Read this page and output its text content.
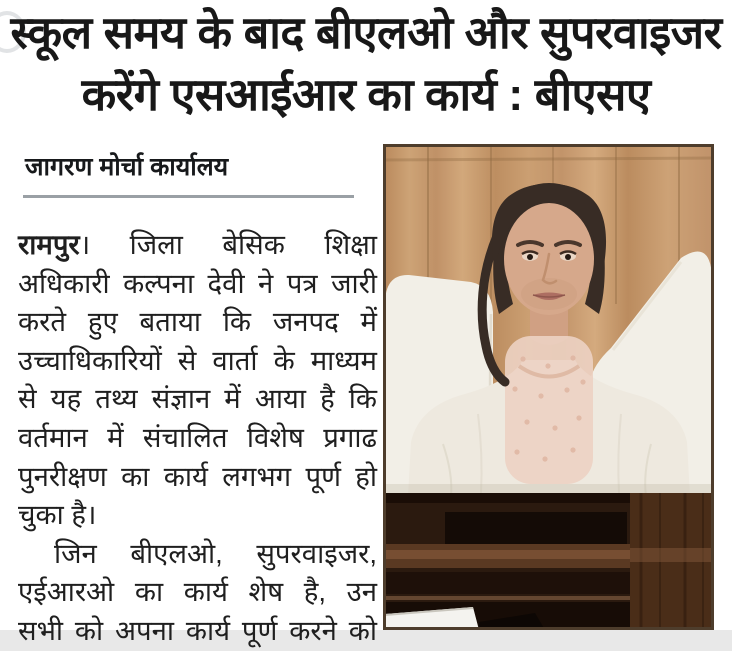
स्कूल समय के बाद बीएलओ और सुपरवाइजर
करेंगे एसआईआर का कार्य : बीएसए
जागरण मोर्चा कार्यालय
रामपुर। जिला बेसिक शिक्षा
अधिकारी कल्पना देवी ने पत्र जारी
करते हुए बताया कि जनपद में
उच्चाधिकारियों से वार्ता के माध्यम
से यह तथ्य संज्ञान में आया है कि
वर्तमान में संचालित विशेष प्रगाढ
पुनरीक्षण का कार्य लगभग पूर्ण हो
चुका है।
जिन बीएलओ, सुपरवाइजर,
एईआरओ का कार्य शेष है, उन
सभी को अपना कार्य पूर्ण करने को
